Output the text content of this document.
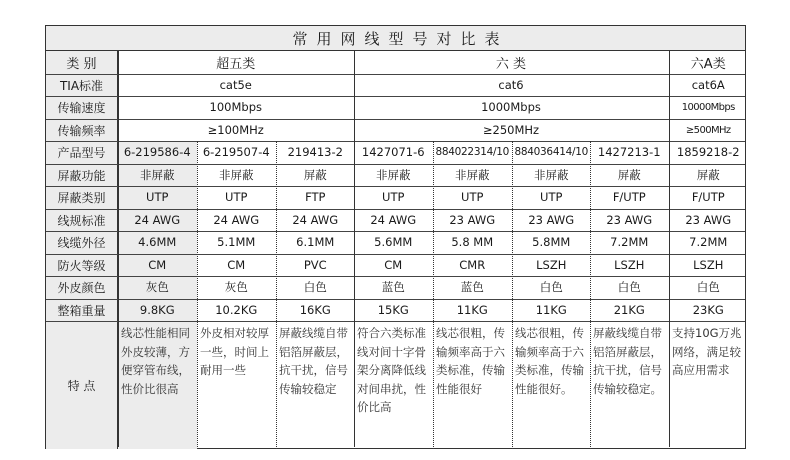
常用网线型号对比表
类 别
TIA标准
传输速度
传输频率
产品型号
屏蔽功能
屏蔽类别
线规标准
线缆外径
防火等级
外皮颜色
整箱重量
特 点
超五类
cat5e
100Mbps
≥100MHz
六 类
cat6
1000Mbps
≥250MHz
六A类
cat6A
10000Mbps
≥500MHz
6-219586-4
非屏蔽
UTP
24 AWG
4.6MM
CM
灰色
9.8KG
线芯性能相同外皮较薄，方便穿管布线，性价比很高
6-219507-4
非屏蔽
UTP
24 AWG
5.1MM
CM
灰色
10.2KG
外皮相对较厚一些，时间上耐用一些
219413-2
屏蔽
FTP
24 AWG
6.1MM
PVC
白色
16KG
屏蔽线缆自带铝箔屏蔽层，抗干扰，信号传输较稳定
1427071-6
非屏蔽
UTP
24 AWG
5.6MM
CM
蓝色
15KG
符合六类标准线对间十字骨架分离降低线对间串扰，性价比高
884022314/10
非屏蔽
UTP
23 AWG
5.8 MM
CMR
蓝色
11KG
线芯很粗，传输频率高于六类标准，传输性能很好
884036414/10
非屏蔽
UTP
23 AWG
5.8MM
LSZH
白色
11KG
线芯很粗，传输频率高于六类标准，传输性能很好。
1427213-1
屏蔽
F/UTP
23 AWG
7.2MM
LSZH
白色
21KG
屏蔽线缆自带铝箔屏蔽层，抗干扰，信号传输较稳定。
1859218-2
屏蔽
F/UTP
23 AWG
7.2MM
LSZH
白色
23KG
支持10G万兆网络，满足较高应用需求
